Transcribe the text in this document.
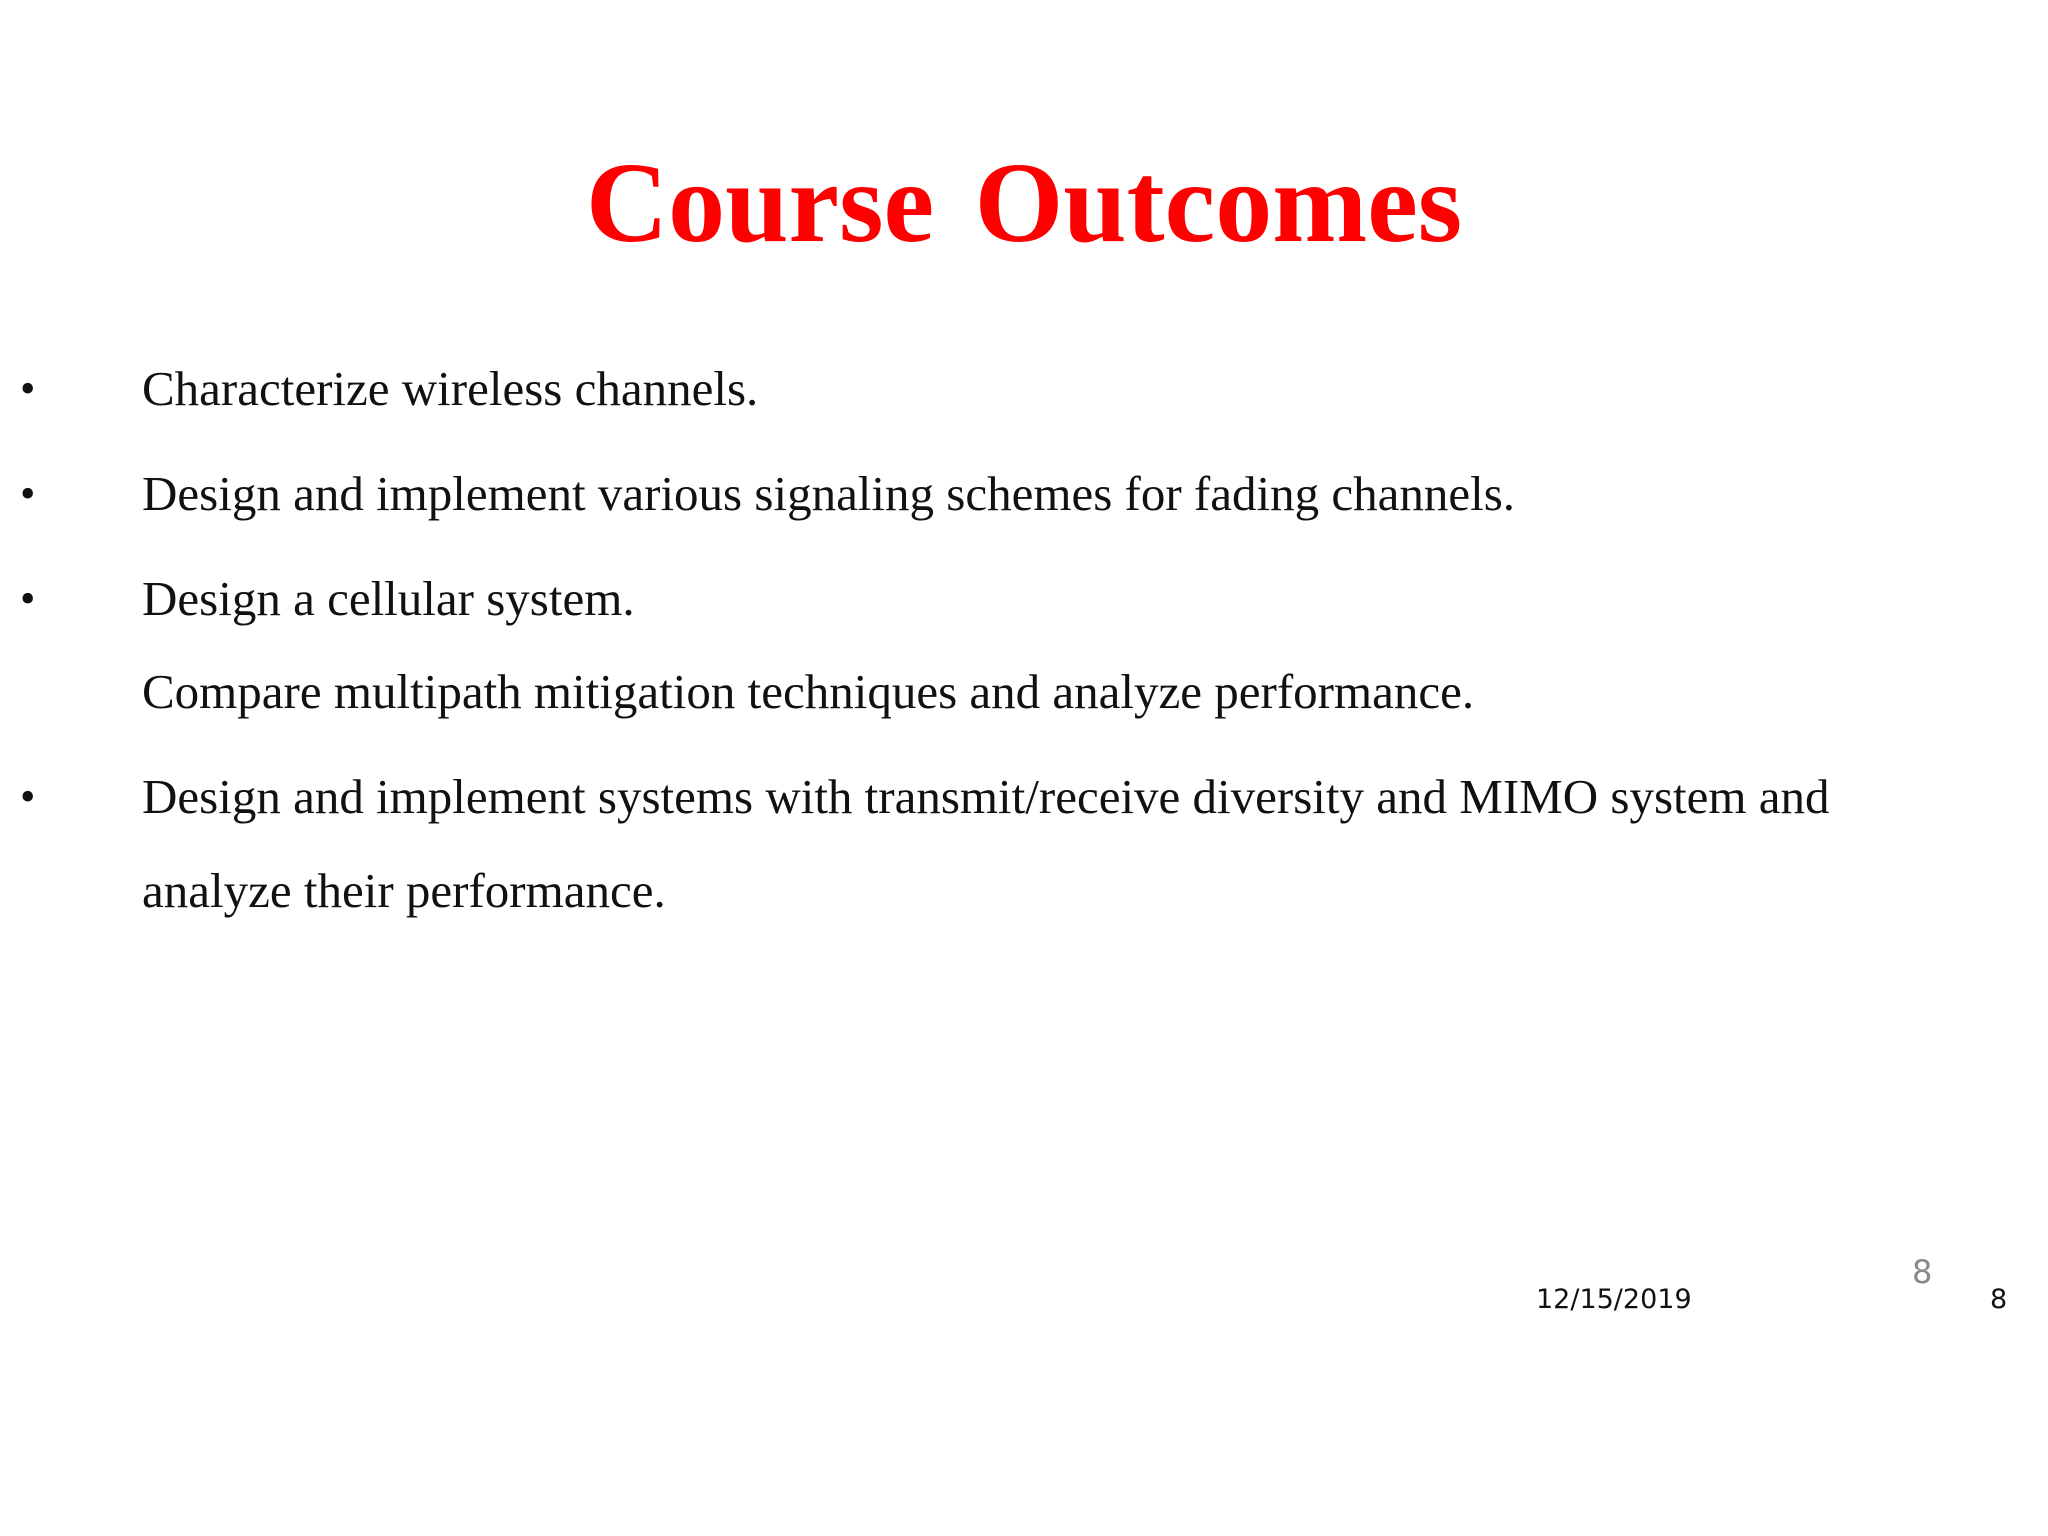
Course Outcomes
• Characterize wireless channels.
• Design and implement various signaling schemes for fading channels.
• Design a cellular system.
Compare multipath mitigation techniques and analyze performance.
• Design and implement systems with transmit/receive diversity and MIMO system and
analyze their performance.
8
12/15/2019	8
